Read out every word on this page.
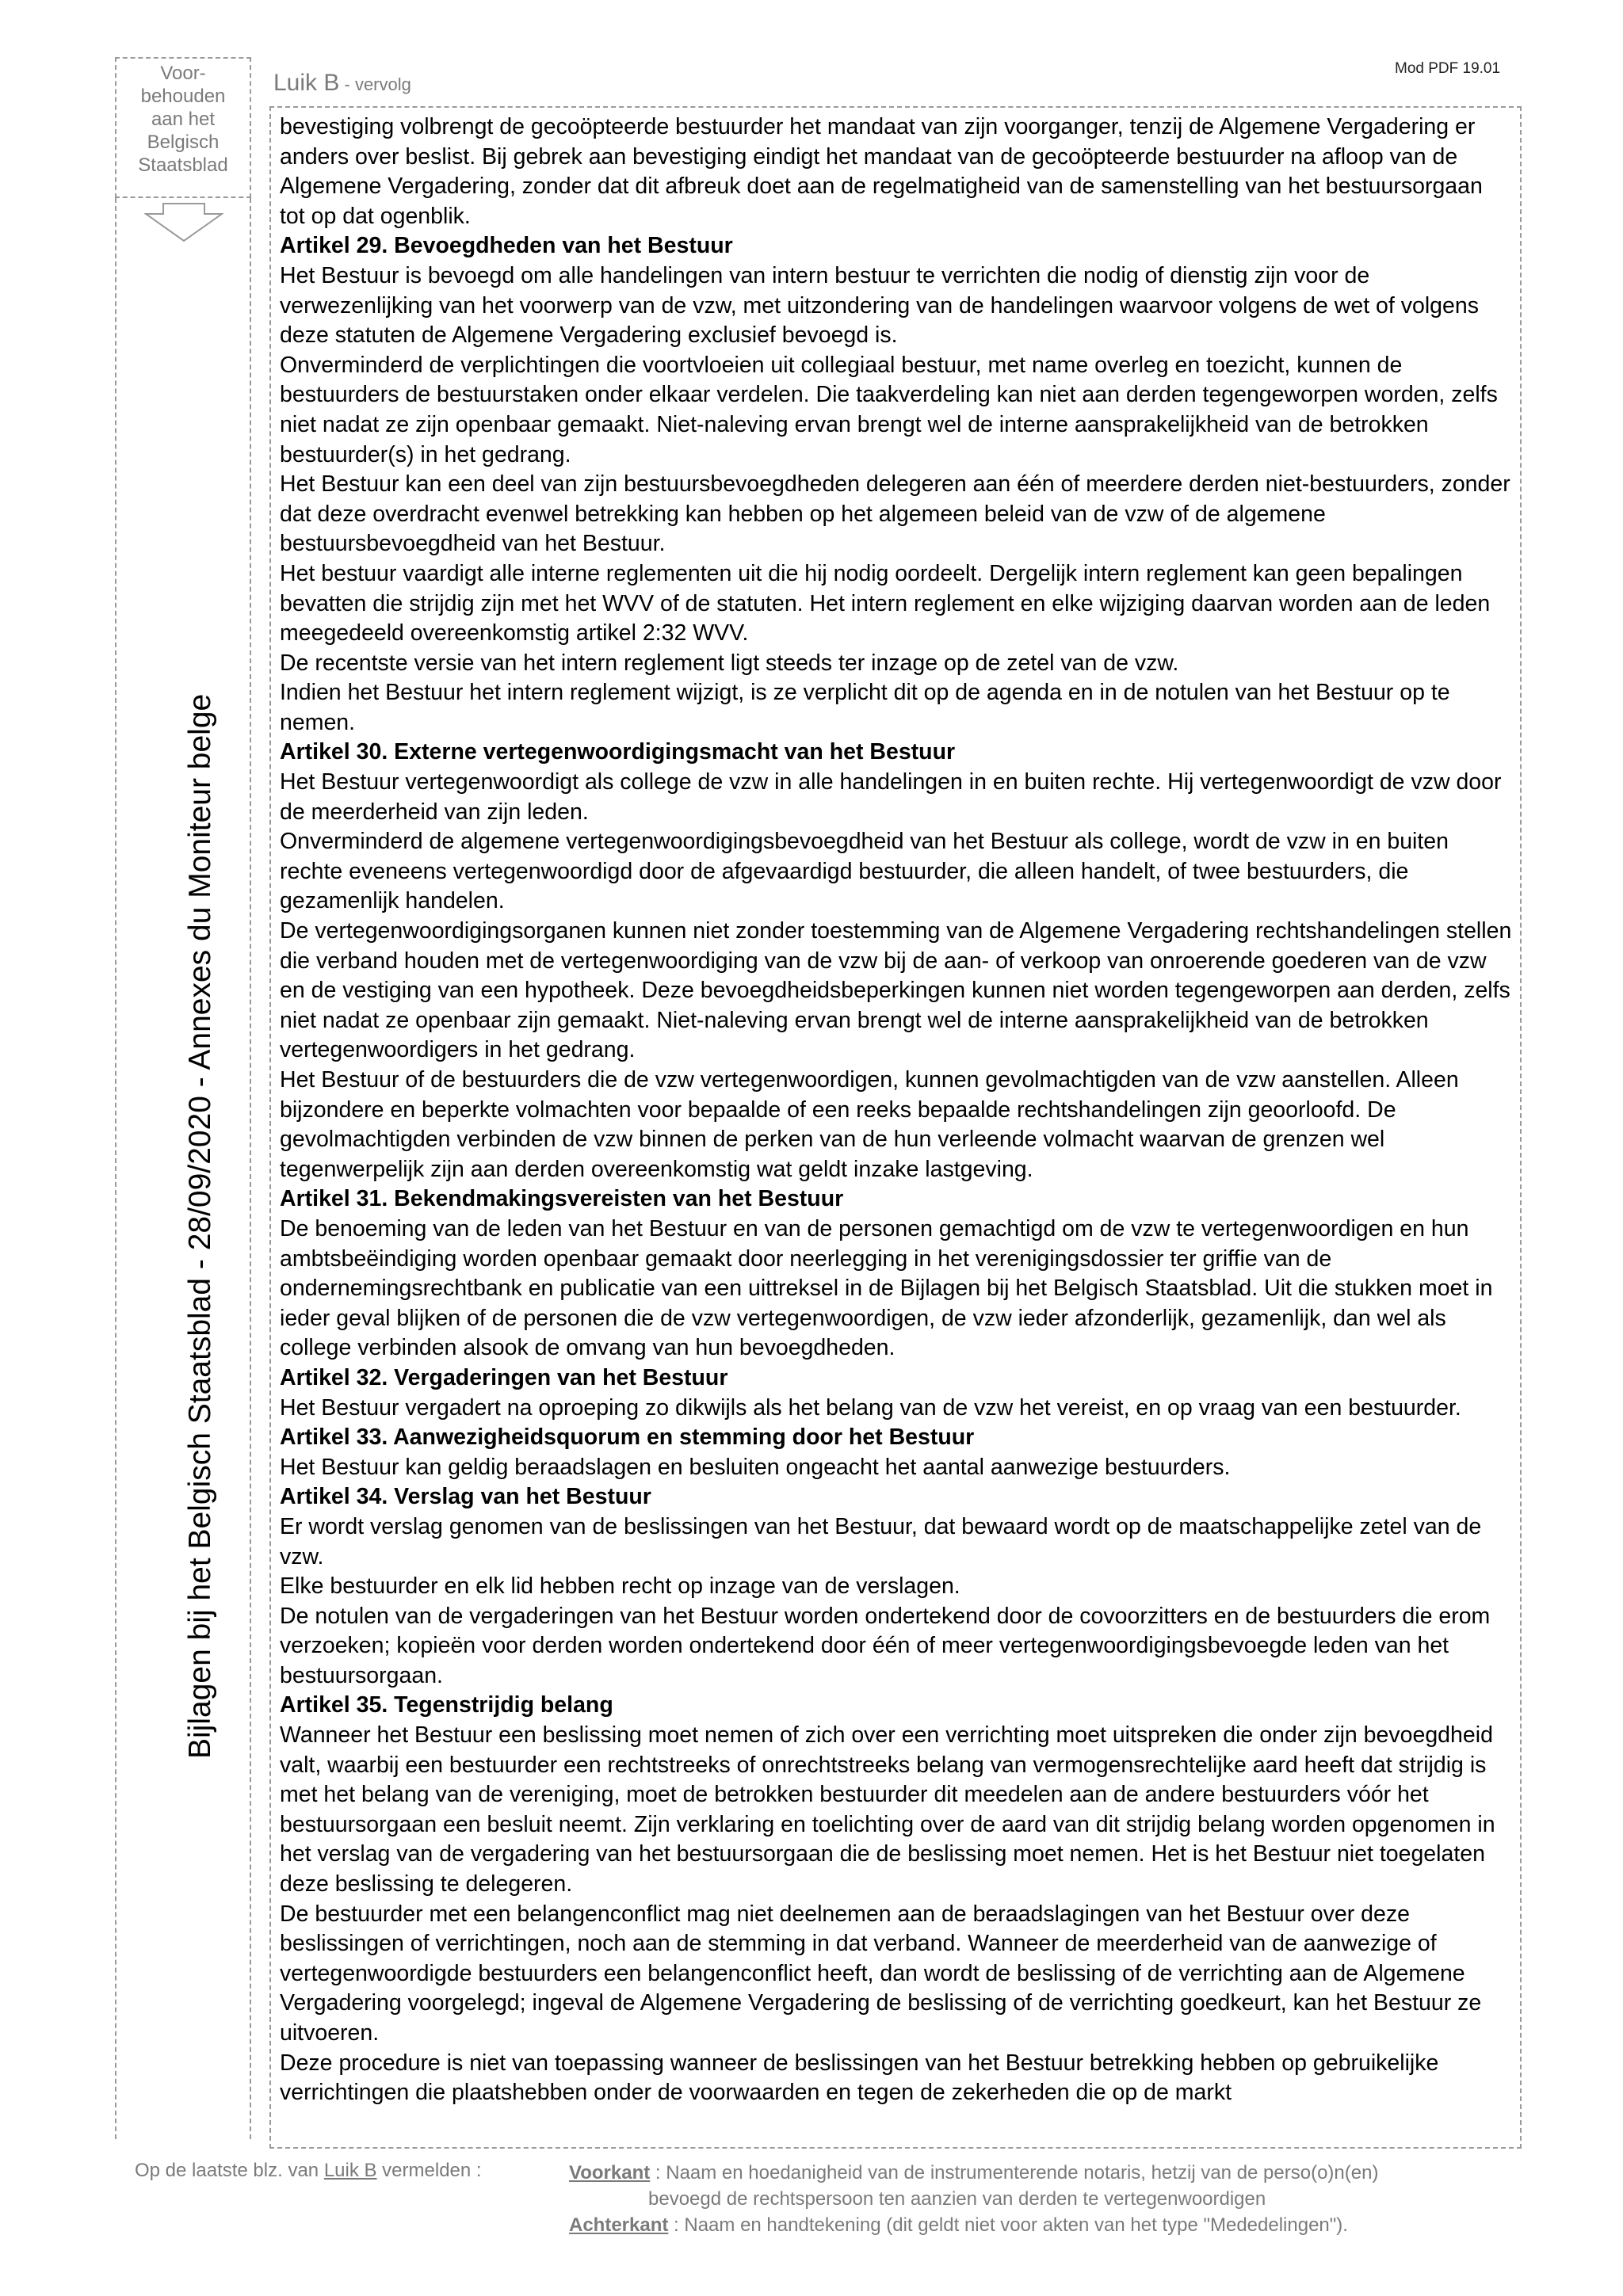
Mod PDF 19.01
Voor-
behouden
aan het
Belgisch
Staatsblad
Bijlagen bij het Belgisch Staatsblad - 28/09/2020 - Annexes du Moniteur belge
Luik B - vervolg

bevestiging volbrengt de gecoöpteerde bestuurder het mandaat van zijn voorganger, tenzij de Algemene Vergadering er anders over beslist. Bij gebrek aan bevestiging eindigt het mandaat van de gecoöpteerde bestuurder na afloop van de Algemene Vergadering, zonder dat dit afbreuk doet aan de regelmatigheid van de samenstelling van het bestuursorgaan tot op dat ogenblik.

Artikel 29. Bevoegdheden van het Bestuur

Het Bestuur is bevoegd om alle handelingen van intern bestuur te verrichten die nodig of dienstig zijn voor de verwezenlijking van het voorwerp van de vzw, met uitzondering van de handelingen waarvoor volgens de wet of volgens deze statuten de Algemene Vergadering exclusief bevoegd is.

Onverminderd de verplichtingen die voortvloeien uit collegiaal bestuur, met name overleg en toezicht, kunnen de bestuurders de bestuurstaken onder elkaar verdelen. Die taakverdeling kan niet aan derden tegengeworpen worden, zelfs niet nadat ze zijn openbaar gemaakt. Niet-naleving ervan brengt wel de interne aansprakelijkheid van de betrokken bestuurder(s) in het gedrang.

Het Bestuur kan een deel van zijn bestuursbevoegdheden delegeren aan één of meerdere derden niet-bestuurders, zonder dat deze overdracht evenwel betrekking kan hebben op het algemeen beleid van de vzw of de algemene bestuursbevoegdheid van het Bestuur.

Het bestuur vaardigt alle interne reglementen uit die hij nodig oordeelt. Dergelijk intern reglement kan geen bepalingen bevatten die strijdig zijn met het WVV of de statuten. Het intern reglement en elke wijziging daarvan worden aan de leden meegedeeld overeenkomstig artikel 2:32 WVV.

De recentste versie van het intern reglement ligt steeds ter inzage op de zetel van de vzw.

Indien het Bestuur het intern reglement wijzigt, is ze verplicht dit op de agenda en in de notulen van het Bestuur op te nemen.

Artikel 30. Externe vertegenwoordigingsmacht van het Bestuur

Het Bestuur vertegenwoordigt als college de vzw in alle handelingen in en buiten rechte. Hij vertegenwoordigt de vzw door de meerderheid van zijn leden.

Onverminderd de algemene vertegenwoordigingsbevoegdheid van het Bestuur als college, wordt de vzw in en buiten rechte eveneens vertegenwoordigd door de afgevaardigd bestuurder, die alleen handelt, of twee bestuurders, die gezamenlijk handelen.

De vertegenwoordigingsorganen kunnen niet zonder toestemming van de Algemene Vergadering rechtshandelingen stellen die verband houden met de vertegenwoordiging van de vzw bij de aan- of verkoop van onroerende goederen van de vzw en de vestiging van een hypotheek. Deze bevoegdheidsbeperkingen kunnen niet worden tegengeworpen aan derden, zelfs niet nadat ze openbaar zijn gemaakt. Niet-naleving ervan brengt wel de interne aansprakelijkheid van de betrokken vertegenwoordigers in het gedrang.

Het Bestuur of de bestuurders die de vzw vertegenwoordigen, kunnen gevolmachtigden van de vzw aanstellen. Alleen bijzondere en beperkte volmachten voor bepaalde of een reeks bepaalde rechtshandelingen zijn geoorloofd. De gevolmachtigden verbinden de vzw binnen de perken van de hun verleende volmacht waarvan de grenzen wel tegenwerpelijk zijn aan derden overeenkomstig wat geldt inzake lastgeving.

Artikel 31. Bekendmakingsvereisten van het Bestuur

De benoeming van de leden van het Bestuur en van de personen gemachtigd om de vzw te vertegenwoordigen en hun ambtsbeëindiging worden openbaar gemaakt door neerlegging in het verenigingsdossier ter griffie van de ondernemingsrechtbank en publicatie van een uittreksel in de Bijlagen bij het Belgisch Staatsblad. Uit die stukken moet in ieder geval blijken of de personen die de vzw vertegenwoordigen, de vzw ieder afzonderlijk, gezamenlijk, dan wel als college verbinden alsook de omvang van hun bevoegdheden.

Artikel 32. Vergaderingen van het Bestuur

Het Bestuur vergadert na oproeping zo dikwijls als het belang van de vzw het vereist, en op vraag van een bestuurder.

Artikel 33. Aanwezigheidsquorum en stemming door het Bestuur

Het Bestuur kan geldig beraadslagen en besluiten ongeacht het aantal aanwezige bestuurders.

Artikel 34. Verslag van het Bestuur

Er wordt verslag genomen van de beslissingen van het Bestuur, dat bewaard wordt op de maatschappelijke zetel van de vzw.

Elke bestuurder en elk lid hebben recht op inzage van de verslagen.

De notulen van de vergaderingen van het Bestuur worden ondertekend door de covoorzitters en de bestuurders die erom verzoeken; kopieën voor derden worden ondertekend door één of meer vertegenwoordigingsbevoegde leden van het bestuursorgaan.

Artikel 35. Tegenstrijdig belang

Wanneer het Bestuur een beslissing moet nemen of zich over een verrichting moet uitspreken die onder zijn bevoegdheid valt, waarbij een bestuurder een rechtstreeks of onrechtstreeks belang van vermogensrechtelijke aard heeft dat strijdig is met het belang van de vereniging, moet de betrokken bestuurder dit meedelen aan de andere bestuurders vóór het bestuursorgaan een besluit neemt. Zijn verklaring en toelichting over de aard van dit strijdig belang worden opgenomen in het verslag van de vergadering van het bestuursorgaan die de beslissing moet nemen. Het is het Bestuur niet toegelaten deze beslissing te delegeren.

De bestuurder met een belangenconflict mag niet deelnemen aan de beraadslagingen van het Bestuur over deze beslissingen of verrichtingen, noch aan de stemming in dat verband. Wanneer de meerderheid van de aanwezige of vertegenwoordigde bestuurders een belangenconflict heeft, dan wordt de beslissing of de verrichting aan de Algemene Vergadering voorgelegd; ingeval de Algemene Vergadering de beslissing of de verrichting goedkeurt, kan het Bestuur ze uitvoeren.

Deze procedure is niet van toepassing wanneer de beslissingen van het Bestuur betrekking hebben op gebruikelijke verrichtingen die plaatshebben onder de voorwaarden en tegen de zekerheden die op de markt

Op de laatste blz. van Luik B vermelden :	Voorkant : Naam en hoedanigheid van de instrumenterende notaris, hetzij van de perso(o)n(en)
bevoegd de rechtspersoon ten aanzien van derden te vertegenwoordigen
Achterkant : Naam en handtekening (dit geldt niet voor akten van het type "Mededelingen").
